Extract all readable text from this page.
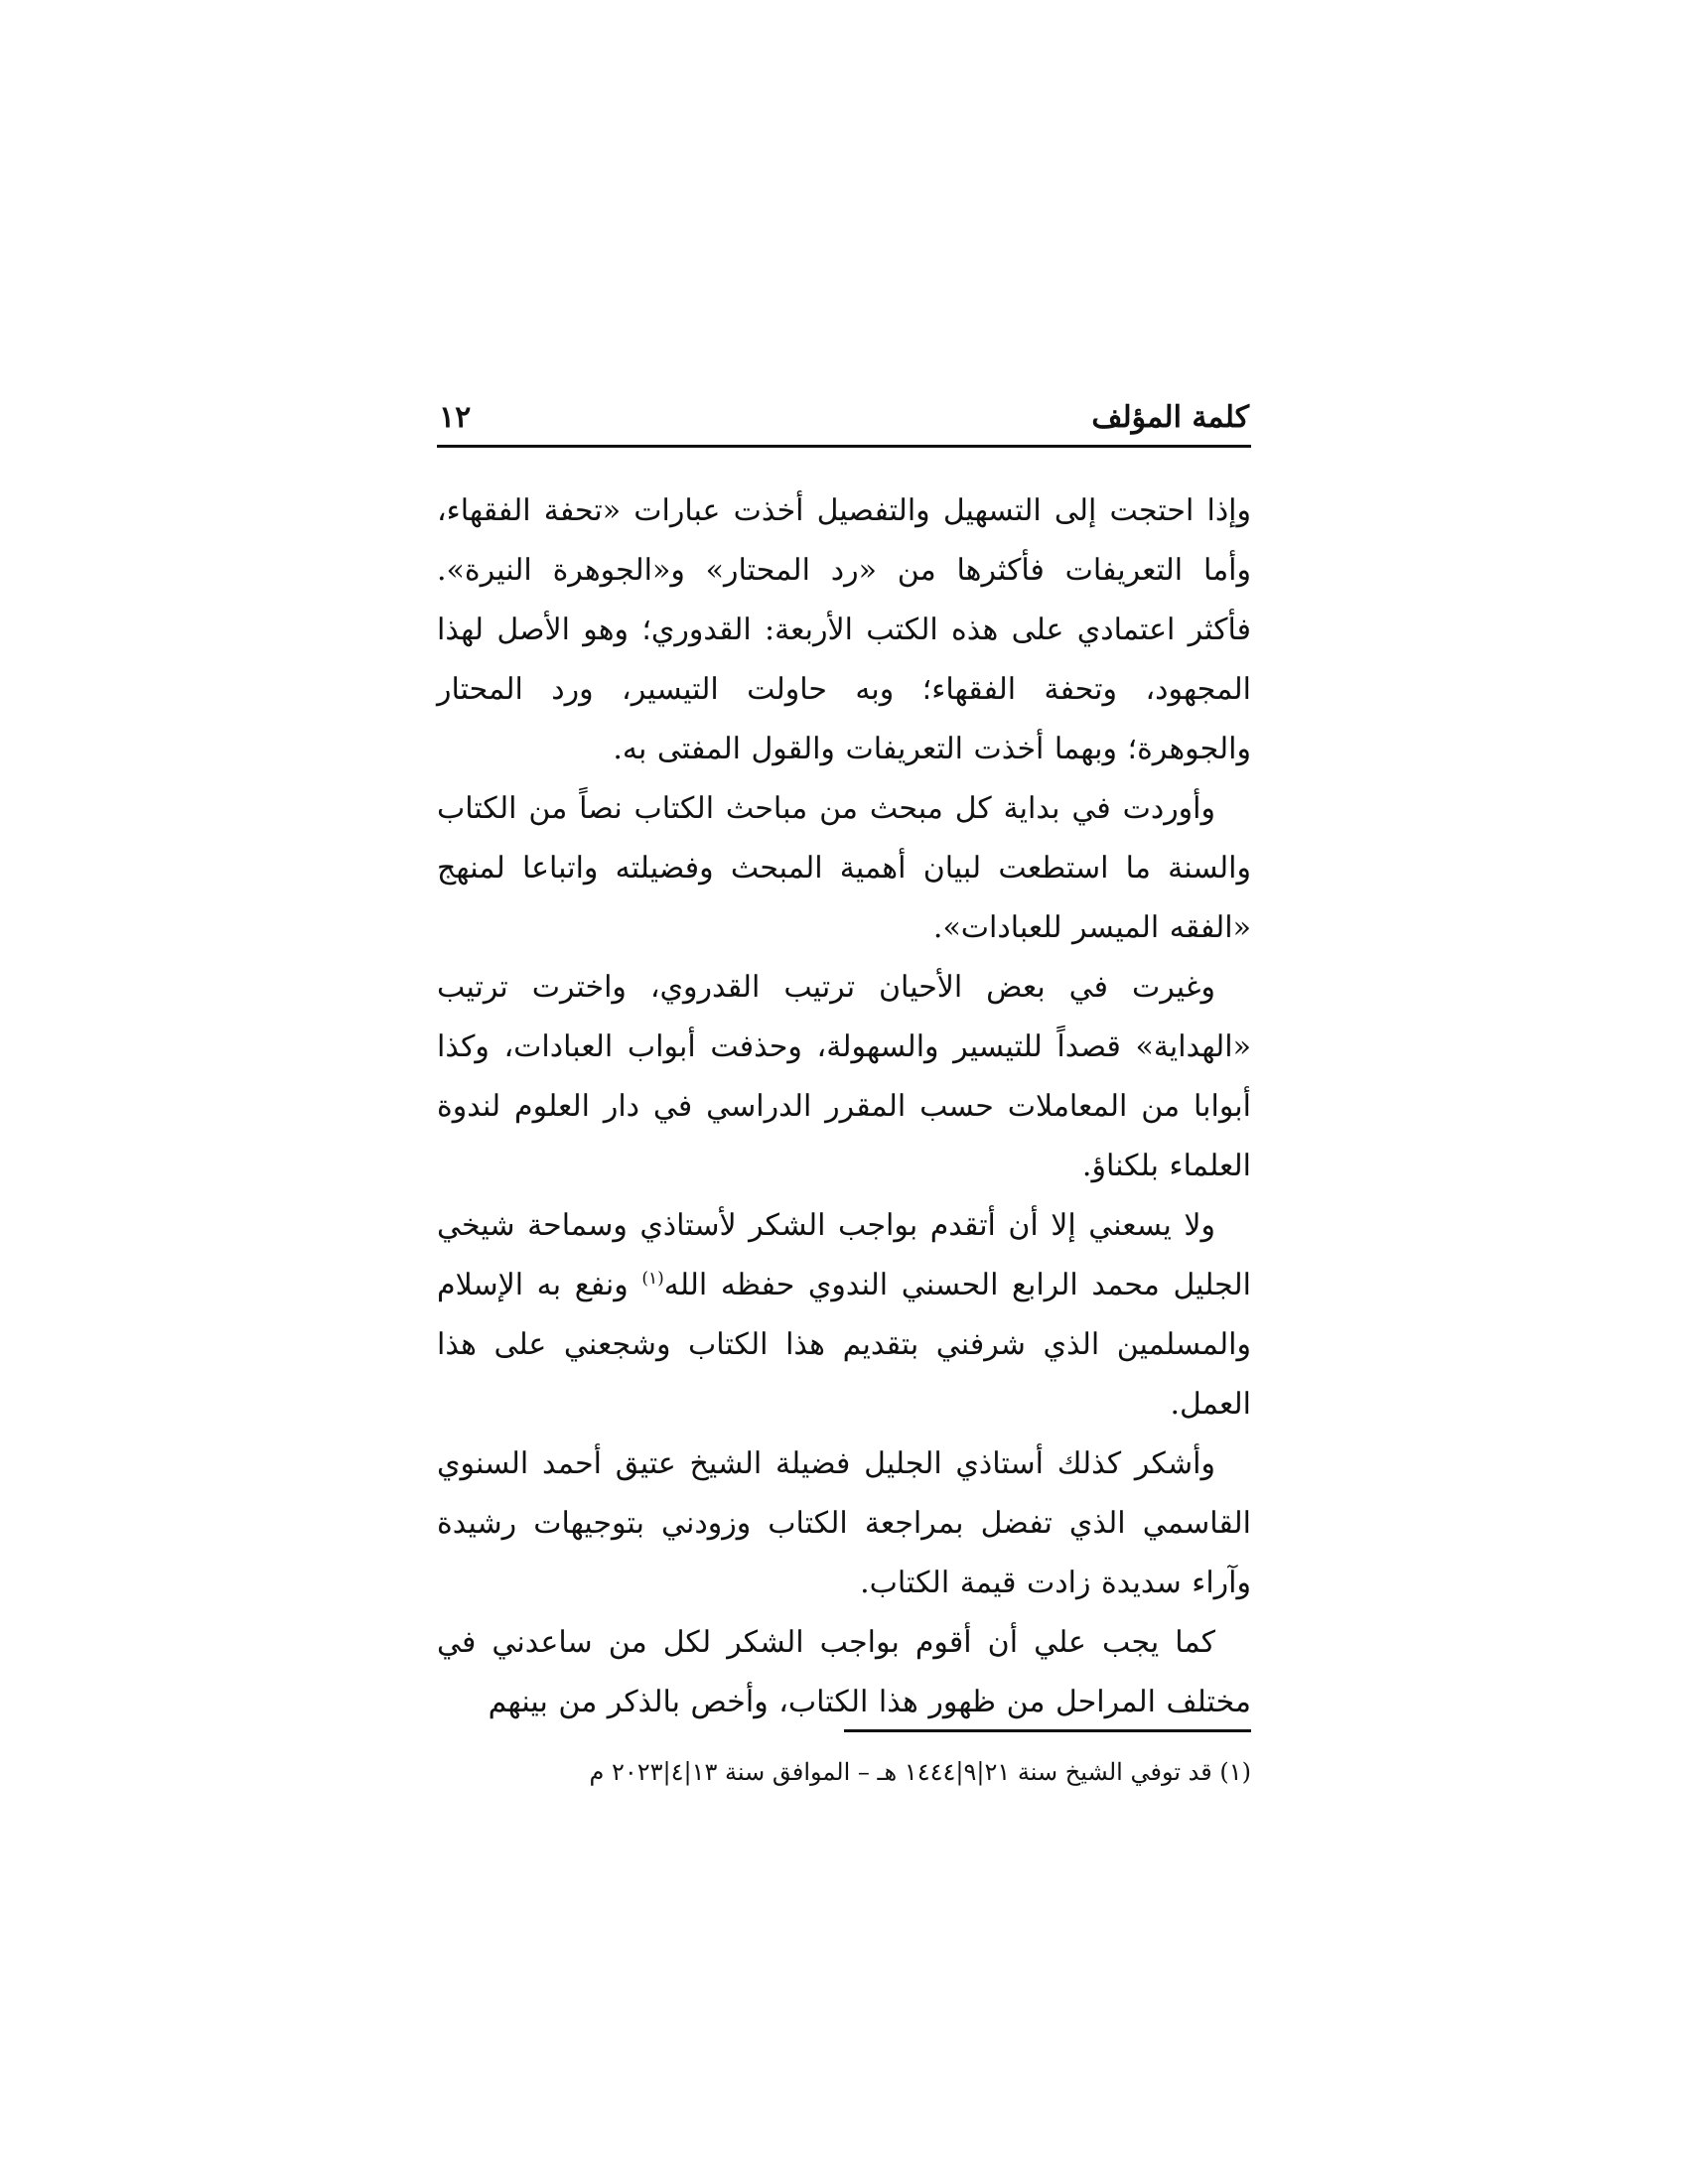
كلمة المؤلف
١٢

وإذا احتجت إلى التسهيل والتفصيل أخذت عبارات «تحفة الفقهاء، وأما التعريفات فأكثرها من «رد المحتار» و«الجوهرة النيرة». فأكثر اعتمادي على هذه الكتب الأربعة: القدوري؛ وهو الأصل لهذا المجهود، وتحفة الفقهاء؛ وبه حاولت التيسير، ورد المحتار والجوهرة؛ وبهما أخذت التعريفات والقول المفتى به.

وأوردت في بداية كل مبحث من مباحث الكتاب نصاً من الكتاب والسنة ما استطعت لبيان أهمية المبحث وفضيلته واتباعا لمنهج «الفقه الميسر للعبادات».

وغيرت في بعض الأحيان ترتيب القدروي، واخترت ترتيب «الهداية» قصداً للتيسير والسهولة، وحذفت أبواب العبادات، وكذا أبوابا من المعاملات حسب المقرر الدراسي في دار العلوم لندوة العلماء بلكناؤ.

ولا يسعني إلا أن أتقدم بواجب الشكر لأستاذي وسماحة شيخي الجليل محمد الرابع الحسني الندوي حفظه الله$^{(١)}$ ونفع به الإسلام والمسلمين الذي شرفني بتقديم هذا الكتاب وشجعني على هذا العمل.

وأشكر كذلك أستاذي الجليل فضيلة الشيخ عتيق أحمد السنوي القاسمي الذي تفضل بمراجعة الكتاب وزودني بتوجيهات رشيدة وآراء سديدة زادت قيمة الكتاب.

كما يجب علي أن أقوم بواجب الشكر لكل من ساعدني في مختلف المراحل من ظهور هذا الكتاب، وأخص بالذكر من بينهم

(١) قد توفي الشيخ سنة ٢١|٩|١٤٤٤ هـ – الموافق سنة ١٣|٤|٢٠٢٣ م
